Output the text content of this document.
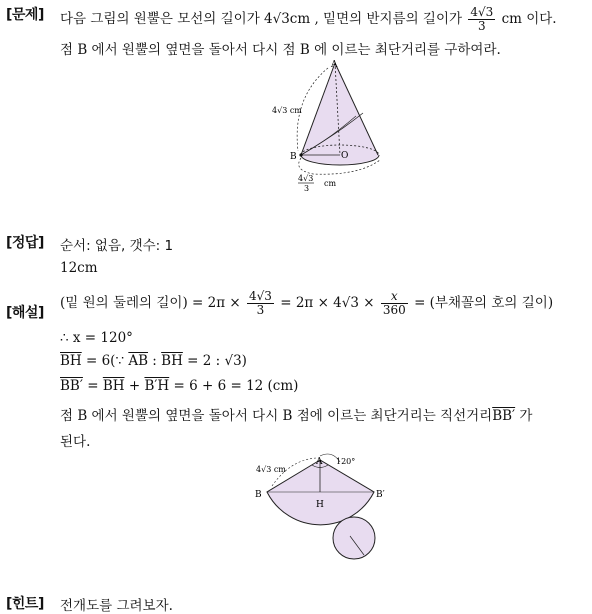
[문제] 다음 그림의 원뿔은 모선의 길이가 4√3cm , 밑면의 반지름의 길이가 $\frac{4√3}{3}$ cm 이다.
점 B 에서 원뿔의 옆면을 돌아서 다시 점 B 에 이르는 최단거리를 구하여라.
A
B	O
4√3 cm
4√3
3
cm
[정답] 순서: 없음, 갯수: 1
12cm
[해설]
(밑 원의 둘레의 길이) = $2\pi \times \frac{4√3}{3} = 2\pi \times 4√3 \times \frac{x}{360}$ = (부채꼴의 호의 길이)
∴ x = 120°
$\overline{BH}$ = 6(∵ $\overline{AB}$ : $\overline{BH} = 2$ : √3)
$BB' = \overline{BH} + B'H = 6 + 6 = 12$ (cm)
점 B 에서 원뿔의 옆면을 돌아서 다시 B 점에 이르는 최단거리는 직선거리BB′ 가
된다.
A
B	B′
H
4√3 cm
120°
[힌트] 전개도를 그려보자.
